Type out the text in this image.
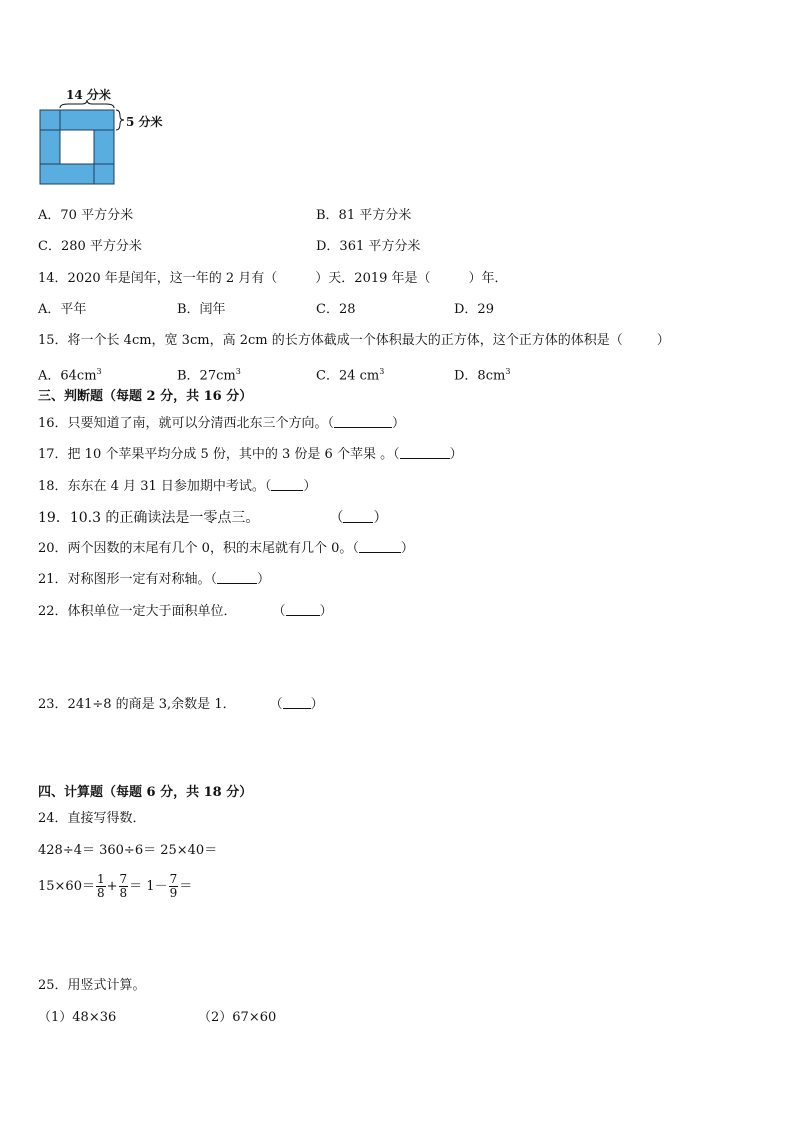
14 分米
5 分米
A．70 平方分米	B．81 平方分米
C．280 平方分米	D．361 平方分米
14．2020 年是闰年，这一年的 2 月有（	）天．2019 年是（	）年．
A．平年	B．闰年	C．28	D．29
15．将一个长 4cm，宽 3cm，高 2cm 的长方体截成一个体积最大的正方体，这个正方体的体积是（	）
A．$64cm^3$	B．$27cm^3$	C．24 $cm^3$	D．$8cm^3$
三、判断题（每题 2 分，共 16 分）
16．只要知道了南，就可以分清西北东三个方向。（	）
17．把 10 个苹果平均分成 5 份，其中的 3 份是 6 个苹果 。（	）
18．东东在 4 月 31 日参加期中考试。（ ）
19．10.3 的正确读法是一零点三。	（ ）
20．两个因数的末尾有几个 0，积的末尾就有几个 0。（	）
21．对称图形一定有对称轴。（	）
22．体积单位一定大于面积单位．	（	）
23．241÷8 的商是 3,余数是 1．	（ ）
四、计算题（每题 6 分，共 18 分）
24．直接写得数．
428÷4＝ 360÷6＝ 25×40＝
$15\times 60= \frac{1}{8} + \frac{7}{8} = 1- \frac{7}{9}$ ＝
25．用竖式计算。
（1）48×36	（2）67×60
